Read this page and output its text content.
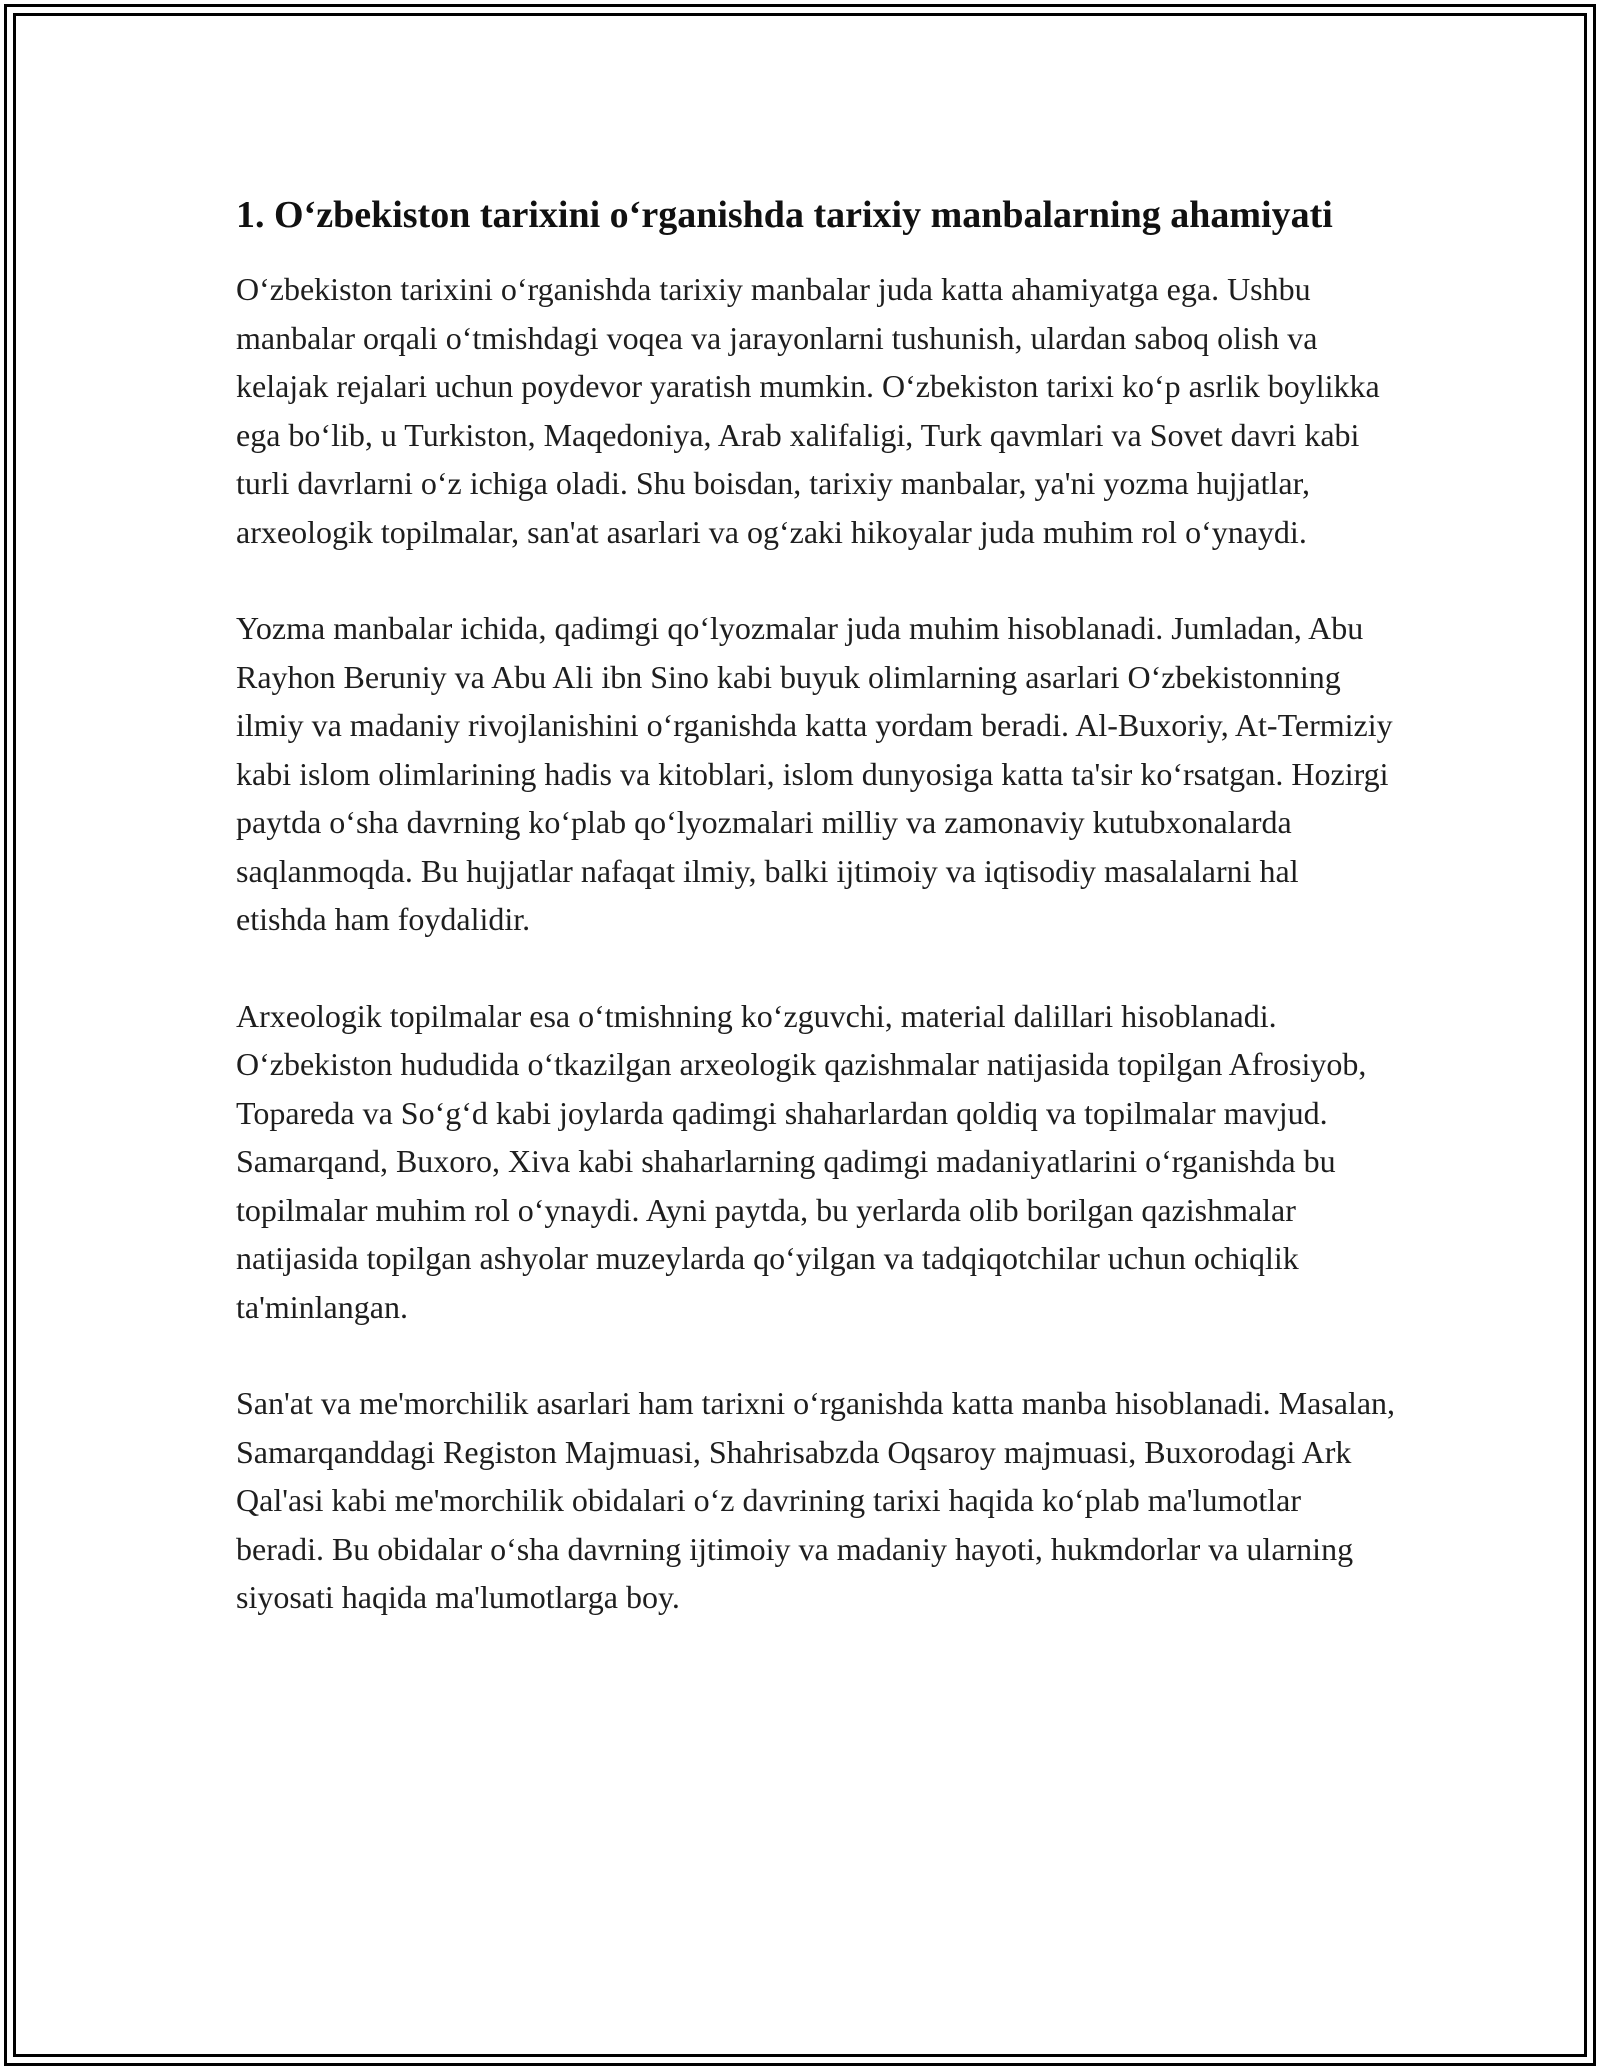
1. O‘zbekiston tarixini o‘rganishda tarixiy manbalarning ahamiyati

O‘zbekiston tarixini o‘rganishda tarixiy manbalar juda katta ahamiyatga ega. Ushbu manbalar orqali o‘tmishdagi voqea va jarayonlarni tushunish, ulardan saboq olish va kelajak rejalari uchun poydevor yaratish mumkin. O‘zbekiston tarixi ko‘p asrlik boylikka ega bo‘lib, u Turkiston, Maqedoniya, Arab xalifaligi, Turk qavmlari va Sovet davri kabi turli davrlarni o‘z ichiga oladi. Shu boisdan, tarixiy manbalar, ya'ni yozma hujjatlar, arxeologik topilmalar, san'at asarlari va og‘zaki hikoyalar juda muhim rol o‘ynaydi.

Yozma manbalar ichida, qadimgi qo‘lyozmalar juda muhim hisoblanadi. Jumladan, Abu Rayhon Beruniy va Abu Ali ibn Sino kabi buyuk olimlarning asarlari O‘zbekistonning ilmiy va madaniy rivojlanishini o‘rganishda katta yordam beradi. Al-Buxoriy, At-Termiziy kabi islom olimlarining hadis va kitoblari, islom dunyosiga katta ta'sir ko‘rsatgan. Hozirgi paytda o‘sha davrning ko‘plab qo‘lyozmalari milliy va zamonaviy kutubxonalarda saqlanmoqda. Bu hujjatlar nafaqat ilmiy, balki ijtimoiy va iqtisodiy masalalarni hal etishda ham foydalidir.

Arxeologik topilmalar esa o‘tmishning ko‘zguvchi, material dalillari hisoblanadi. O‘zbekiston hududida o‘tkazilgan arxeologik qazishmalar natijasida topilgan Afrosiyob, Topareda va So‘g‘d kabi joylarda qadimgi shaharlardan qoldiq va topilmalar mavjud. Samarqand, Buxoro, Xiva kabi shaharlarning qadimgi madaniyatlarini o‘rganishda bu topilmalar muhim rol o‘ynaydi. Ayni paytda, bu yerlarda olib borilgan qazishmalar natijasida topilgan ashyolar muzeylarda qo‘yilgan va tadqiqotchilar uchun ochiqlik ta'minlangan.

San'at va me'morchilik asarlari ham tarixni o‘rganishda katta manba hisoblanadi. Masalan, Samarqanddagi Registon Majmuasi, Shahrisabzda Oqsaroy majmuasi, Buxorodagi Ark Qal'asi kabi me'morchilik obidalari o‘z davrining tarixi haqida ko‘plab ma'lumotlar beradi. Bu obidalar o‘sha davrning ijtimoiy va madaniy hayoti, hukmdorlar va ularning siyosati haqida ma'lumotlarga boy.
